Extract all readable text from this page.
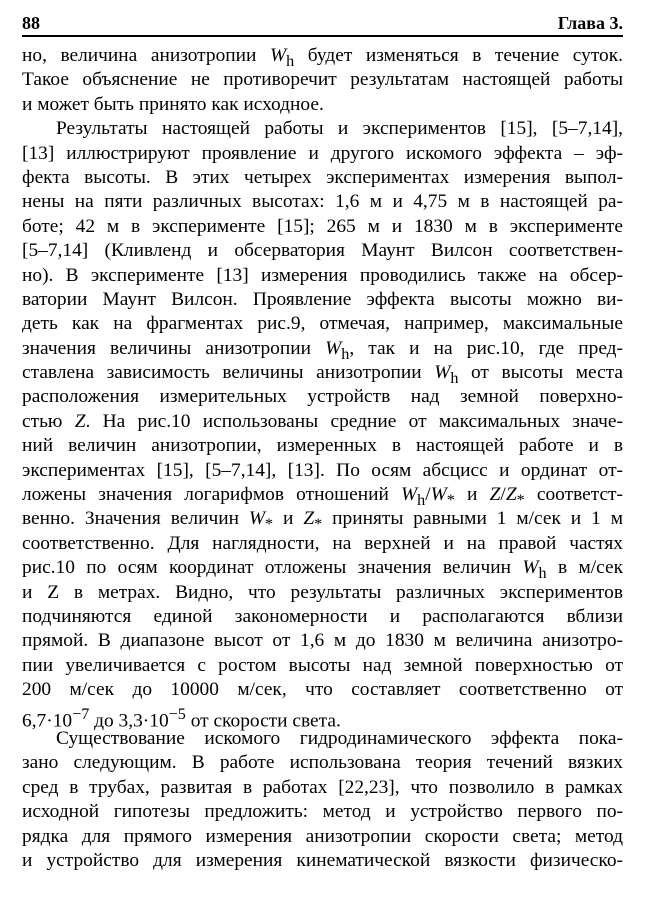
88	Глава 3.
но, величина анизотропии $W_h$ будет изменяться в течение суток.
Такое объяснение не противоречит результатам настоящей работы
и может быть принято как исходное.
Результаты настоящей работы и экспериментов [15], [5–7,14],
[13] иллюстрируют проявление и другого искомого эффекта – эф-
фекта высоты. В этих четырех экспериментах измерения выпол-
нены на пяти различных высотах: 1,6 м и 4,75 м в настоящей ра-
боте; 42 м в эксперименте [15]; 265 м и 1830 м в эксперименте
[5–7,14] (Кливленд и обсерватория Маунт Вилсон соответствен-
но). В эксперименте [13] измерения проводились также на обсер-
ватории Маунт Вилсон. Проявление эффекта высоты можно ви-
деть как на фрагментах рис.9, отмечая, например, максимальные
значения величины анизотропии $W_h$, так и на рис.10, где пред-
ставлена зависимость величины анизотропии $W_h$ от высоты места
расположения измерительных устройств над земной поверхно-
стью Z. На рис.10 использованы средние от максимальных значе-
ний величин анизотропии, измеренных в настоящей работе и в
экспериментах [15], [5–7,14], [13]. По осям абсцисс и ординат от-
ложены значения логарифмов отношений $W_h/W_*$ и $Z/Z_*$ соответст-
венно. Значения величин $W_*$ и $Z_*$ приняты равными 1 м/сек и 1 м
соответственно. Для наглядности, на верхней и на правой частях
рис.10 по осям координат отложены значения величин $W_h$ в м/сек
и Z в метрах. Видно, что результаты различных экспериментов
подчиняются единой закономерности и располагаются вблизи
прямой. В диапазоне высот от 1,6 м до 1830 м величина анизотро-
пии увеличивается с ростом высоты над земной поверхностью от
200 м/сек до 10000 м/сек, что составляет соответственно от
$6,7\cdot 10^{-7}$ до $3,3\cdot 10^{-5}$ от скорости света.
Существование искомого гидродинамического эффекта пока-
зано следующим. В работе использована теория течений вязких
сред в трубах, развитая в работах [22,23], что позволило в рамках
исходной гипотезы предложить: метод и устройство первого по-
рядка для прямого измерения анизотропии скорости света; метод
и устройство для измерения кинематической вязкости физическо-
